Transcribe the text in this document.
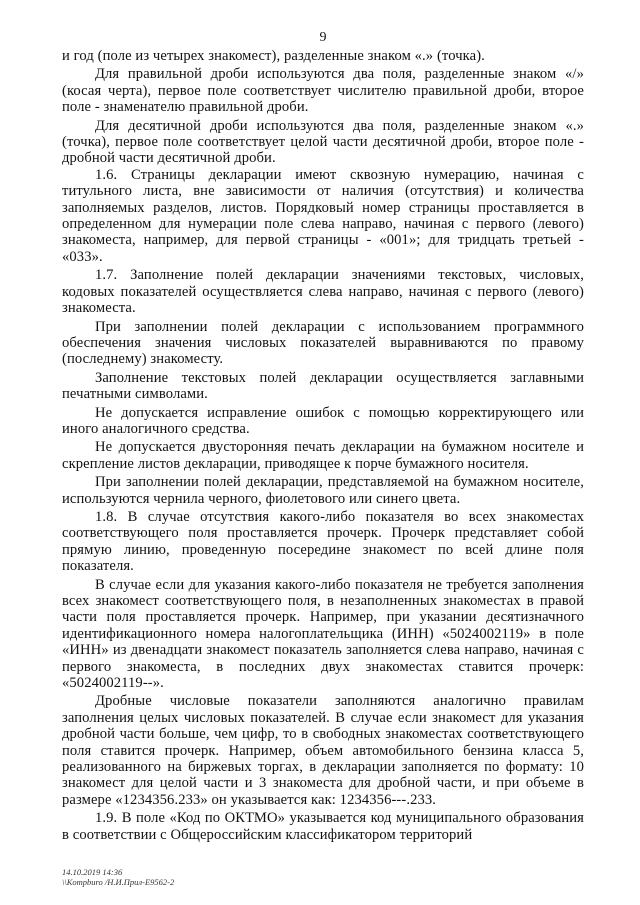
9

и год (поле из четырех знакомест), разделенные знаком «.» (точка).

Для правильной дроби используются два поля, разделенные знаком «/» (косая черта), первое поле соответствует числителю правильной дроби, второе поле - знаменателю правильной дроби.

Для десятичной дроби используются два поля, разделенные знаком «.» (точка), первое поле соответствует целой части десятичной дроби, второе поле - дробной части десятичной дроби.

1.6. Страницы декларации имеют сквозную нумерацию, начиная с титульного листа, вне зависимости от наличия (отсутствия) и количества заполняемых разделов, листов. Порядковый номер страницы проставляется в определенном для нумерации поле слева направо, начиная с первого (левого) знакоместа, например, для первой страницы - «001»; для тридцать третьей - «033».

1.7. Заполнение полей декларации значениями текстовых, числовых, кодовых показателей осуществляется слева направо, начиная с первого (левого) знакоместа.

При заполнении полей декларации с использованием программного обеспечения значения числовых показателей выравниваются по правому (последнему) знакоместу.

Заполнение текстовых полей декларации осуществляется заглавными печатными символами.

Не допускается исправление ошибок с помощью корректирующего или иного аналогичного средства.

Не допускается двусторонняя печать декларации на бумажном носителе и скрепление листов декларации, приводящее к порче бумажного носителя.

При заполнении полей декларации, представляемой на бумажном носителе, используются чернила черного, фиолетового или синего цвета.

1.8. В случае отсутствия какого-либо показателя во всех знакоместах соответствующего поля проставляется прочерк. Прочерк представляет собой прямую линию, проведенную посередине знакомест по всей длине поля показателя.

В случае если для указания какого-либо показателя не требуется заполнения всех знакомест соответствующего поля, в незаполненных знакоместах в правой части поля проставляется прочерк. Например, при указании десятизначного идентификационного номера налогоплательщика (ИНН) «5024002119» в поле «ИНН» из двенадцати знакомест показатель заполняется слева направо, начиная с первого знакоместа, в последних двух знакоместах ставится прочерк: «5024002119--».

Дробные числовые показатели заполняются аналогично правилам заполнения целых числовых показателей. В случае если знакомест для указания дробной части больше, чем цифр, то в свободных знакоместах соответствующего поля ставится прочерк. Например, объем автомобильного бензина класса 5, реализованного на биржевых торгах, в декларации заполняется по формату: 10 знакомест для целой части и 3 знакоместа для дробной части, и при объеме в размере «1234356.233» он указывается как: 1234356---.233.

1.9. В поле «Код по ОКТМО» указывается код муниципального образования в соответствии с Общероссийским классификатором территорий

14.10.2019 14:36
\\Kompburo /Н.И.Прил-Е9562-2
